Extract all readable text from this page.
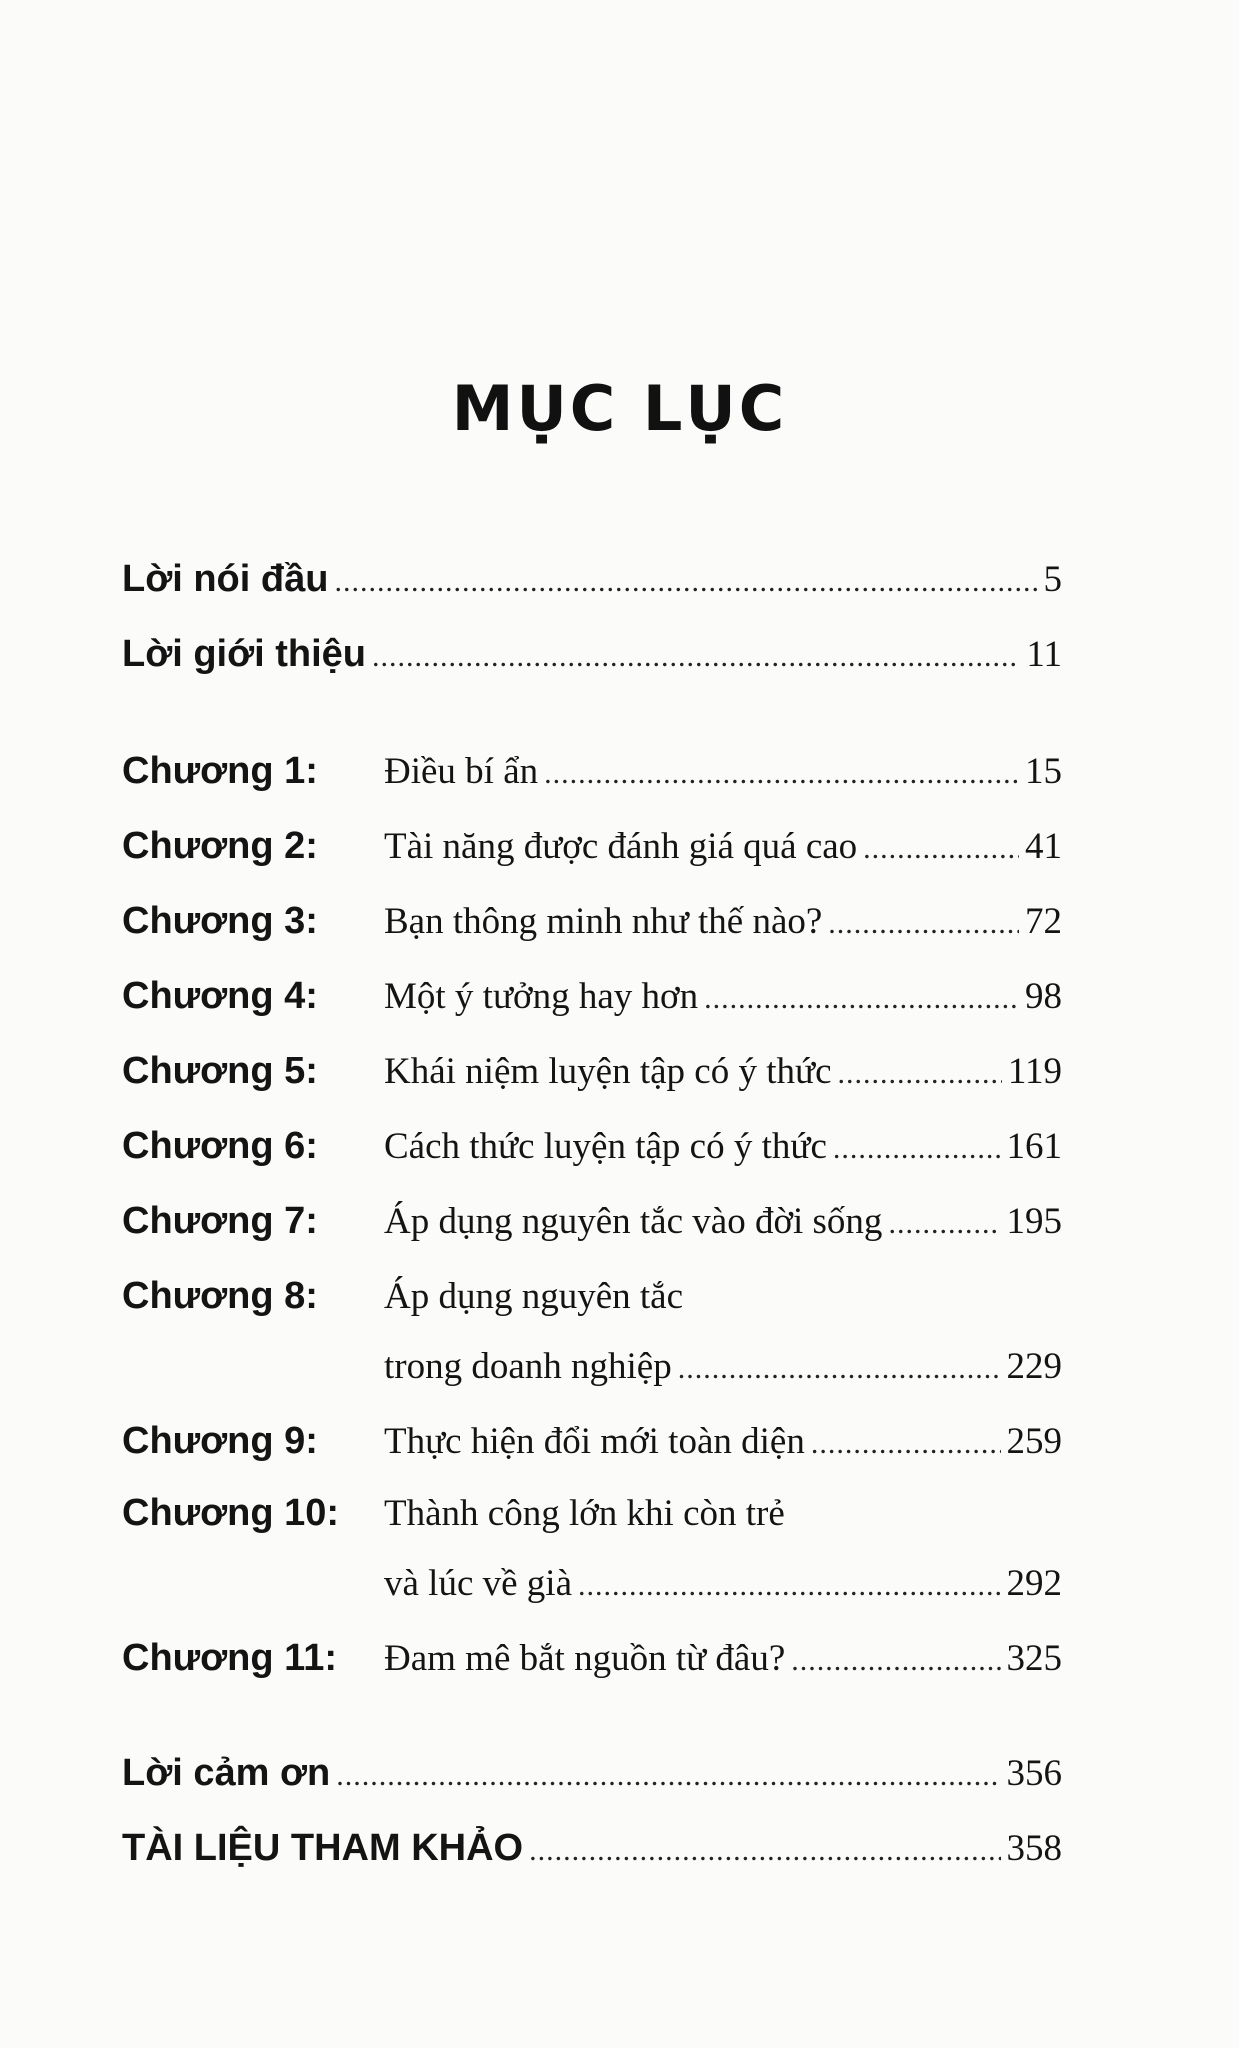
MỤC LỤC
Lời nói đầu .....	5
Lời giới thiệu .....	11
Chương 1:	Điều bí ẩn .....	15
Chương 2:	Tài năng được đánh giá quá cao .....	41
Chương 3:	Bạn thông minh như thế nào? .....	72
Chương 4:	Một ý tưởng hay hơn .....	98
Chương 5:	Khái niệm luyện tập có ý thức .....	119
Chương 6:	Cách thức luyện tập có ý thức .....	161
Chương 7:	Áp dụng nguyên tắc vào đời sống .....	195
Chương 8:	Áp dụng nguyên tắc
trong doanh nghiệp .....	229
Chương 9:	Thực hiện đổi mới toàn diện .....	259
Chương 10:	Thành công lớn khi còn trẻ
và lúc về già .....	292
Chương 11:	Đam mê bắt nguồn từ đâu? .....	325
Lời cảm ơn .....	356
TÀI LIỆU THAM KHẢO .....	358
